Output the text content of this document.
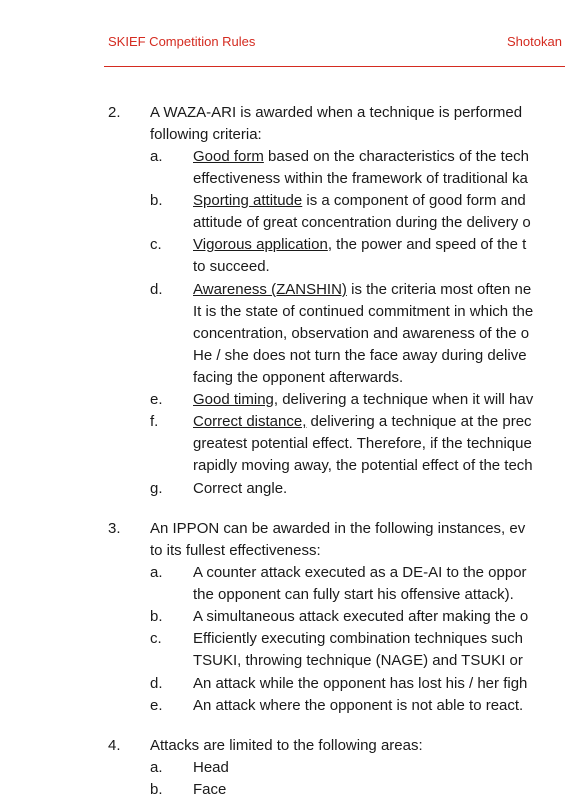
SKIEF Competition Rules	Shotokan
2. A WAZA-ARI is awarded when a technique is performed
following criteria:
a. Good form based on the characteristics of the tech
effectiveness within the framework of traditional ka
b. Sporting attitude is a component of good form and
attitude of great concentration during the delivery o
c. Vigorous application, the power and speed of the t
to succeed.
d. Awareness (ZANSHIN) is the criteria most often ne
It is the state of continued commitment in which the
concentration, observation and awareness of the o
He / she does not turn the face away during delive
facing the opponent afterwards.
e. Good timing, delivering a technique when it will hav
f. Correct distance, delivering a technique at the prec
greatest potential effect. Therefore, if the technique
rapidly moving away, the potential effect of the tech
g. Correct angle.
3. An IPPON can be awarded in the following instances, ev
to its fullest effectiveness:
a. A counter attack executed as a DE-AI to the oppor
the opponent can fully start his offensive attack).
b. A simultaneous attack executed after making the o
c. Efficiently executing combination techniques such
TSUKI, throwing technique (NAGE) and TSUKI or
d. An attack while the opponent has lost his / her figh
e. An attack where the opponent is not able to react.
4. Attacks are limited to the following areas:
a. Head
b. Face
